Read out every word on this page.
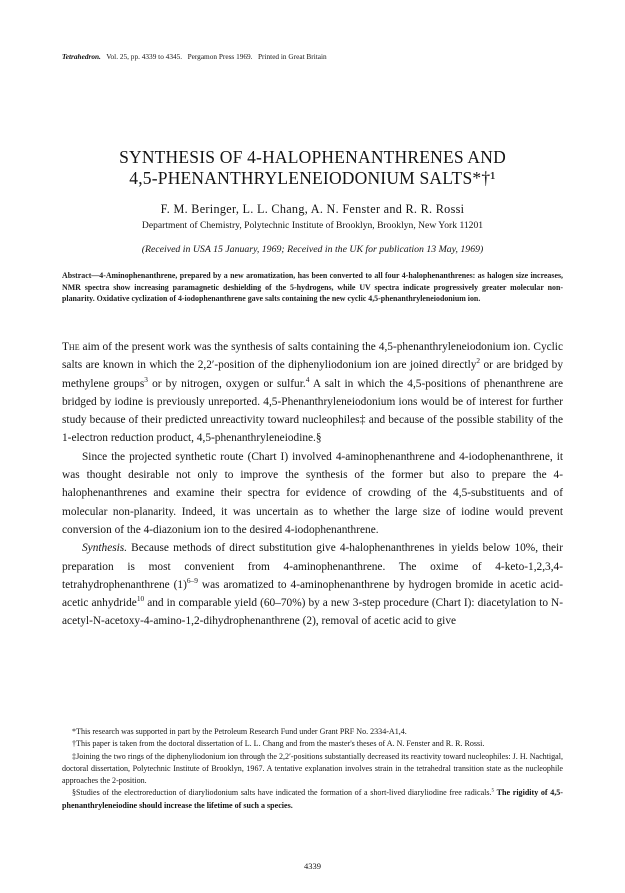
Tetrahedron. Vol. 25, pp. 4339 to 4345. Pergamon Press 1969. Printed in Great Britain
SYNTHESIS OF 4-HALOPHENANTHRENES AND
4,5-PHENANTHRYLENEIODONIUM SALTS*†¹
F. M. Beringer, L. L. Chang, A. N. Fenster and R. R. Rossi
Department of Chemistry, Polytechnic Institute of Brooklyn, Brooklyn, New York 11201
(Received in USA 15 January, 1969; Received in the UK for publication 13 May, 1969)
Abstract—4-Aminophenanthrene, prepared by a new aromatization, has been converted to all four 4-halophenanthrenes: as halogen size increases, NMR spectra show increasing paramagnetic deshielding of the 5-hydrogens, while UV spectra indicate progressively greater molecular non-planarity. Oxidative cyclization of 4-iodophenanthrene gave salts containing the new cyclic 4,5-phenanthryleneiodonium ion.

The aim of the present work was the synthesis of salts containing the 4,5-phenanthryleneiodonium ion. Cyclic salts are known in which the 2,2′-position of the diphenyliodonium ion are joined directly$^2$ or are bridged by methylene groups$^3$ or by nitrogen, oxygen or sulfur.$^4$ A salt in which the 4,5-positions of phenanthrene are bridged by iodine is previously unreported. 4,5-Phenanthryleneiodonium ions would be of interest for further study because of their predicted unreactivity toward nucleophiles‡ and because of the possible stability of the 1-electron reduction product, 4,5-phenanthryleneiodine.§

Since the projected synthetic route (Chart I) involved 4-aminophenanthrene and 4-iodophenanthrene, it was thought desirable not only to improve the synthesis of the former but also to prepare the 4-halophenanthrenes and examine their spectra for evidence of crowding of the 4,5-substituents and of molecular non-planarity. Indeed, it was uncertain as to whether the large size of iodine would prevent conversion of the 4-diazonium ion to the desired 4-iodophenanthrene.

Synthesis. Because methods of direct substitution give 4-halophenanthrenes in yields below 10%, their preparation is most convenient from 4-aminophenanthrene. The oxime of 4-keto-1,2,3,4-tetrahydrophenanthrene $(1)^{6-9}$ was aromatized to 4-aminophenanthrene by hydrogen bromide in acetic acid-acetic anhydride$^{10}$ and in comparable yield (60–70%) by a new 3-step procedure (Chart I): diacetylation to N-acetyl-N-acetoxy-4-amino-1,2-dihydrophenanthrene (2), removal of acetic acid to give

*This research was supported in part by the Petroleum Research Fund under Grant PRF No. 2334-A1,4.

†This paper is taken from the doctoral dissertation of L. L. Chang and from the master's theses of A. N. Fenster and R. R. Rossi.

‡Joining the two rings of the diphenyliodonium ion through the 2,2′-positions substantially decreased its reactivity toward nucleophiles: J. H. Nachtigal, doctoral dissertation, Polytechnic Institute of Brooklyn, 1967. A tentative explanation involves strain in the tetrahedral transition state as the nucleophile approaches the 2-position.

§Studies of the electroreduction of diaryliodonium salts have indicated the formation of a short-lived diaryliodine free radicals.$^5$ The rigidity of 4,5-phenanthryleneiodine should increase the lifetime of such a species.

4339
